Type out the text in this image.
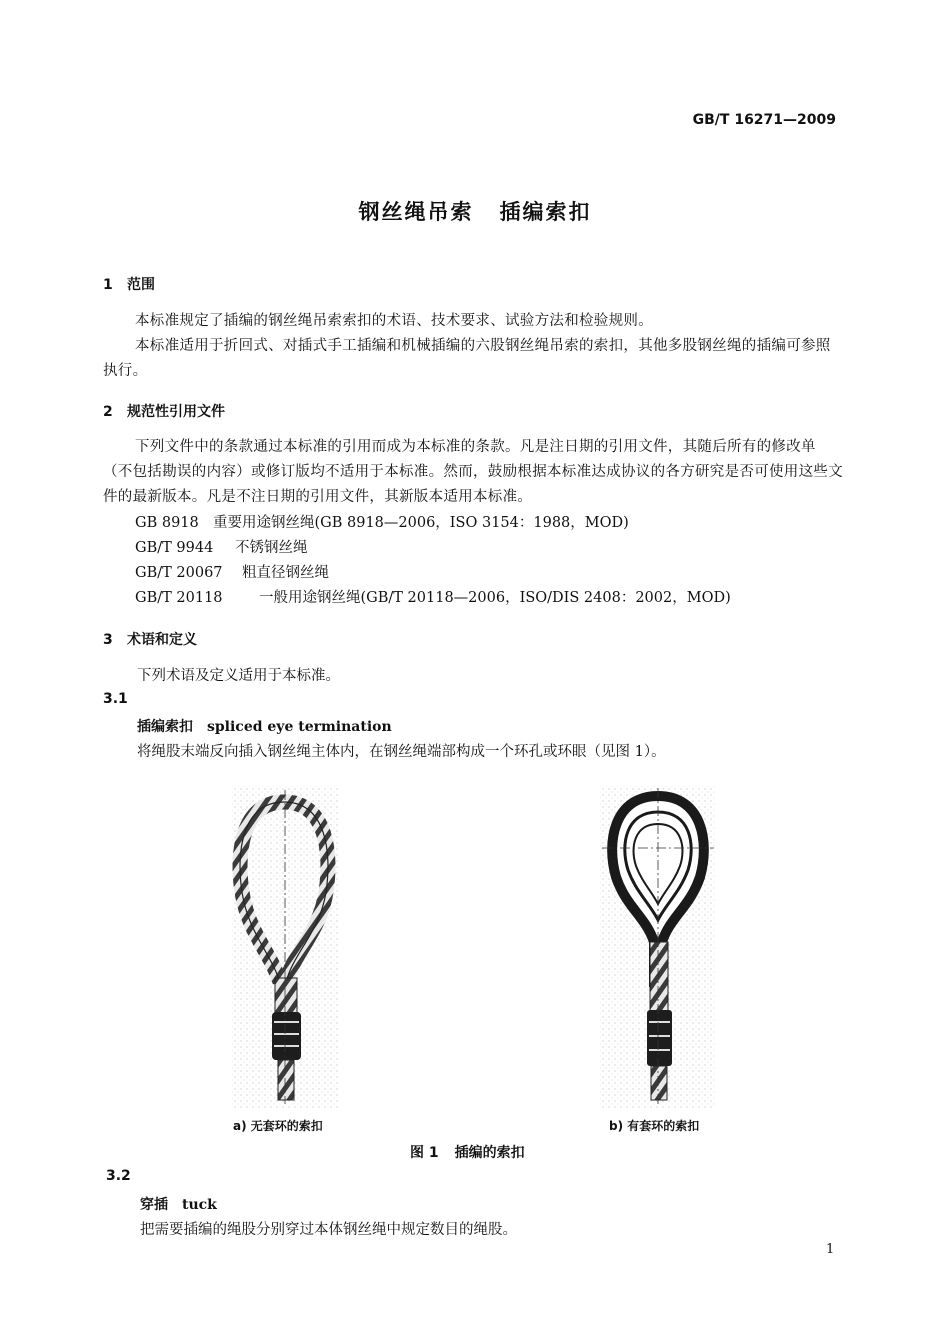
GB/T 16271—2009
钢丝绳吊索 插编索扣
1 范围
本标准规定了插编的钢丝绳吊索索扣的术语、技术要求、试验方法和检验规则。
本标准适用于折回式、对插式手工插编和机械插编的六股钢丝绳吊索的索扣，其他多股钢丝绳的插编可参照执行。
2 规范性引用文件
下列文件中的条款通过本标准的引用而成为本标准的条款。凡是注日期的引用文件，其随后所有的修改单（不包括勘误的内容）或修订版均不适用于本标准。然而，鼓励根据本标准达成协议的各方研究是否可使用这些文件的最新版本。凡是不注日期的引用文件，其新版本适用本标准。
GB 8918 重要用途钢丝绳(GB 8918—2006，ISO 3154：1988，MOD)
GB/T 9944 不锈钢丝绳
GB/T 20067 粗直径钢丝绳
GB/T 20118	一般用途钢丝绳(GB/T 20118—2006，ISO/DIS 2408：2002，MOD)
3 术语和定义
下列术语及定义适用于本标准。
3.1
插编索扣 spliced eye termination
将绳股末端反向插入钢丝绳主体内，在钢丝绳端部构成一个环孔或环眼（见图 1）。
a) 无套环的索扣	b) 有套环的索扣
图 1 插编的索扣
3.2
穿插 tuck
把需要插编的绳股分别穿过本体钢丝绳中规定数目的绳股。
1
